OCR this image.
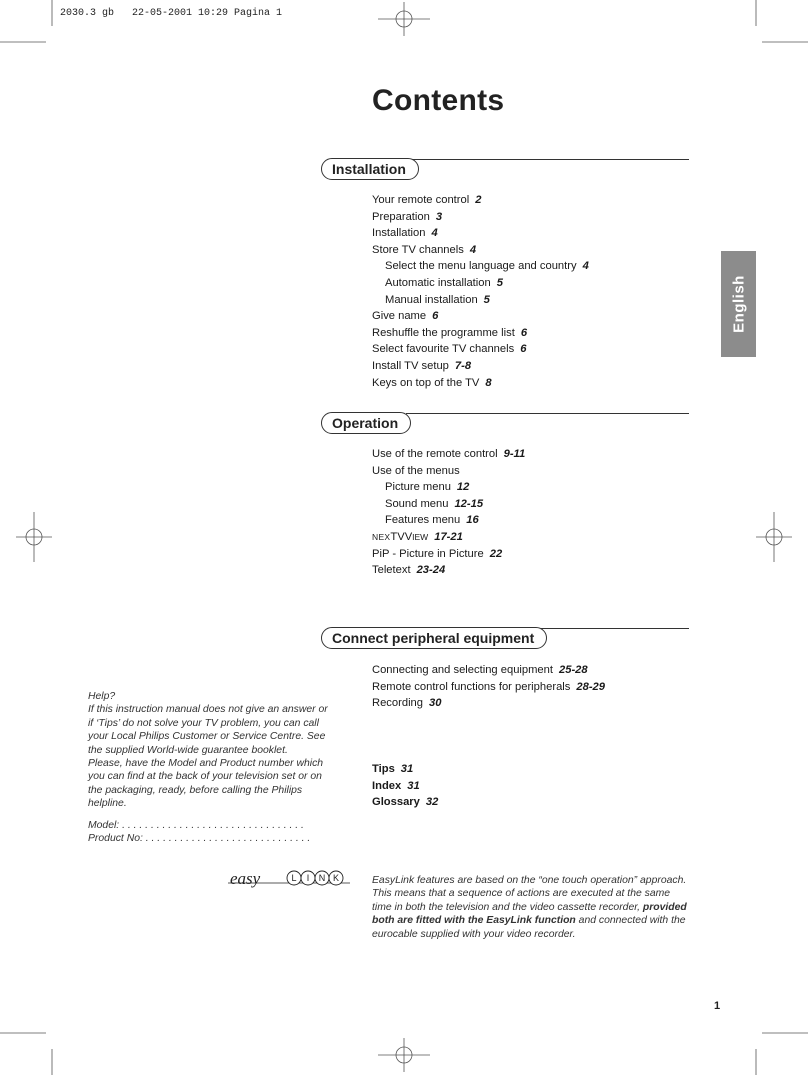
2030.3 gb   22-05-2001 10:29 Pagina 1
Contents
English
Installation
Your remote control 2
Preparation 3
Installation 4
Store TV channels 4
Select the menu language and country 4
Automatic installation 5
Manual installation 5
Give name 6
Reshuffle the programme list 6
Select favourite TV channels 6
Install TV setup 7-8
Keys on top of the TV 8
Operation
Use of the remote control 9-11
Use of the menus
Picture menu 12
Sound menu 12-15
Features menu 16
NEXTVVIEW 17-21
PiP - Picture in Picture 22
Teletext 23-24
Connect peripheral equipment
Connecting and selecting equipment 25-28
Remote control functions for peripherals 28-29
Recording 30
Tips 31
Index 31
Glossary 32

Help?

If this instruction manual does not give an answer or if ‘Tips’ do not solve your TV problem, you can call your Local Philips Customer or Service Centre. See the supplied World-wide guarantee booklet.

Please, have the Model and Product number which you can find at the back of your television set or on the packaging, ready, before calling the Philips helpline.

Model: . . . . . . . . . . . . . . . . . . . . . . . . . . . . . . . .
Product No: . . . . . . . . . . . . . . . . . . . . . . . . . . . . .
easy	L I N K	EasyLink features are based on the “one touch operation” approach. This means that a sequence of actions are executed at the same time in both the television and the video cassette recorder, provided both are fitted with the EasyLink function and connected with the eurocable supplied with your video recorder.
1
